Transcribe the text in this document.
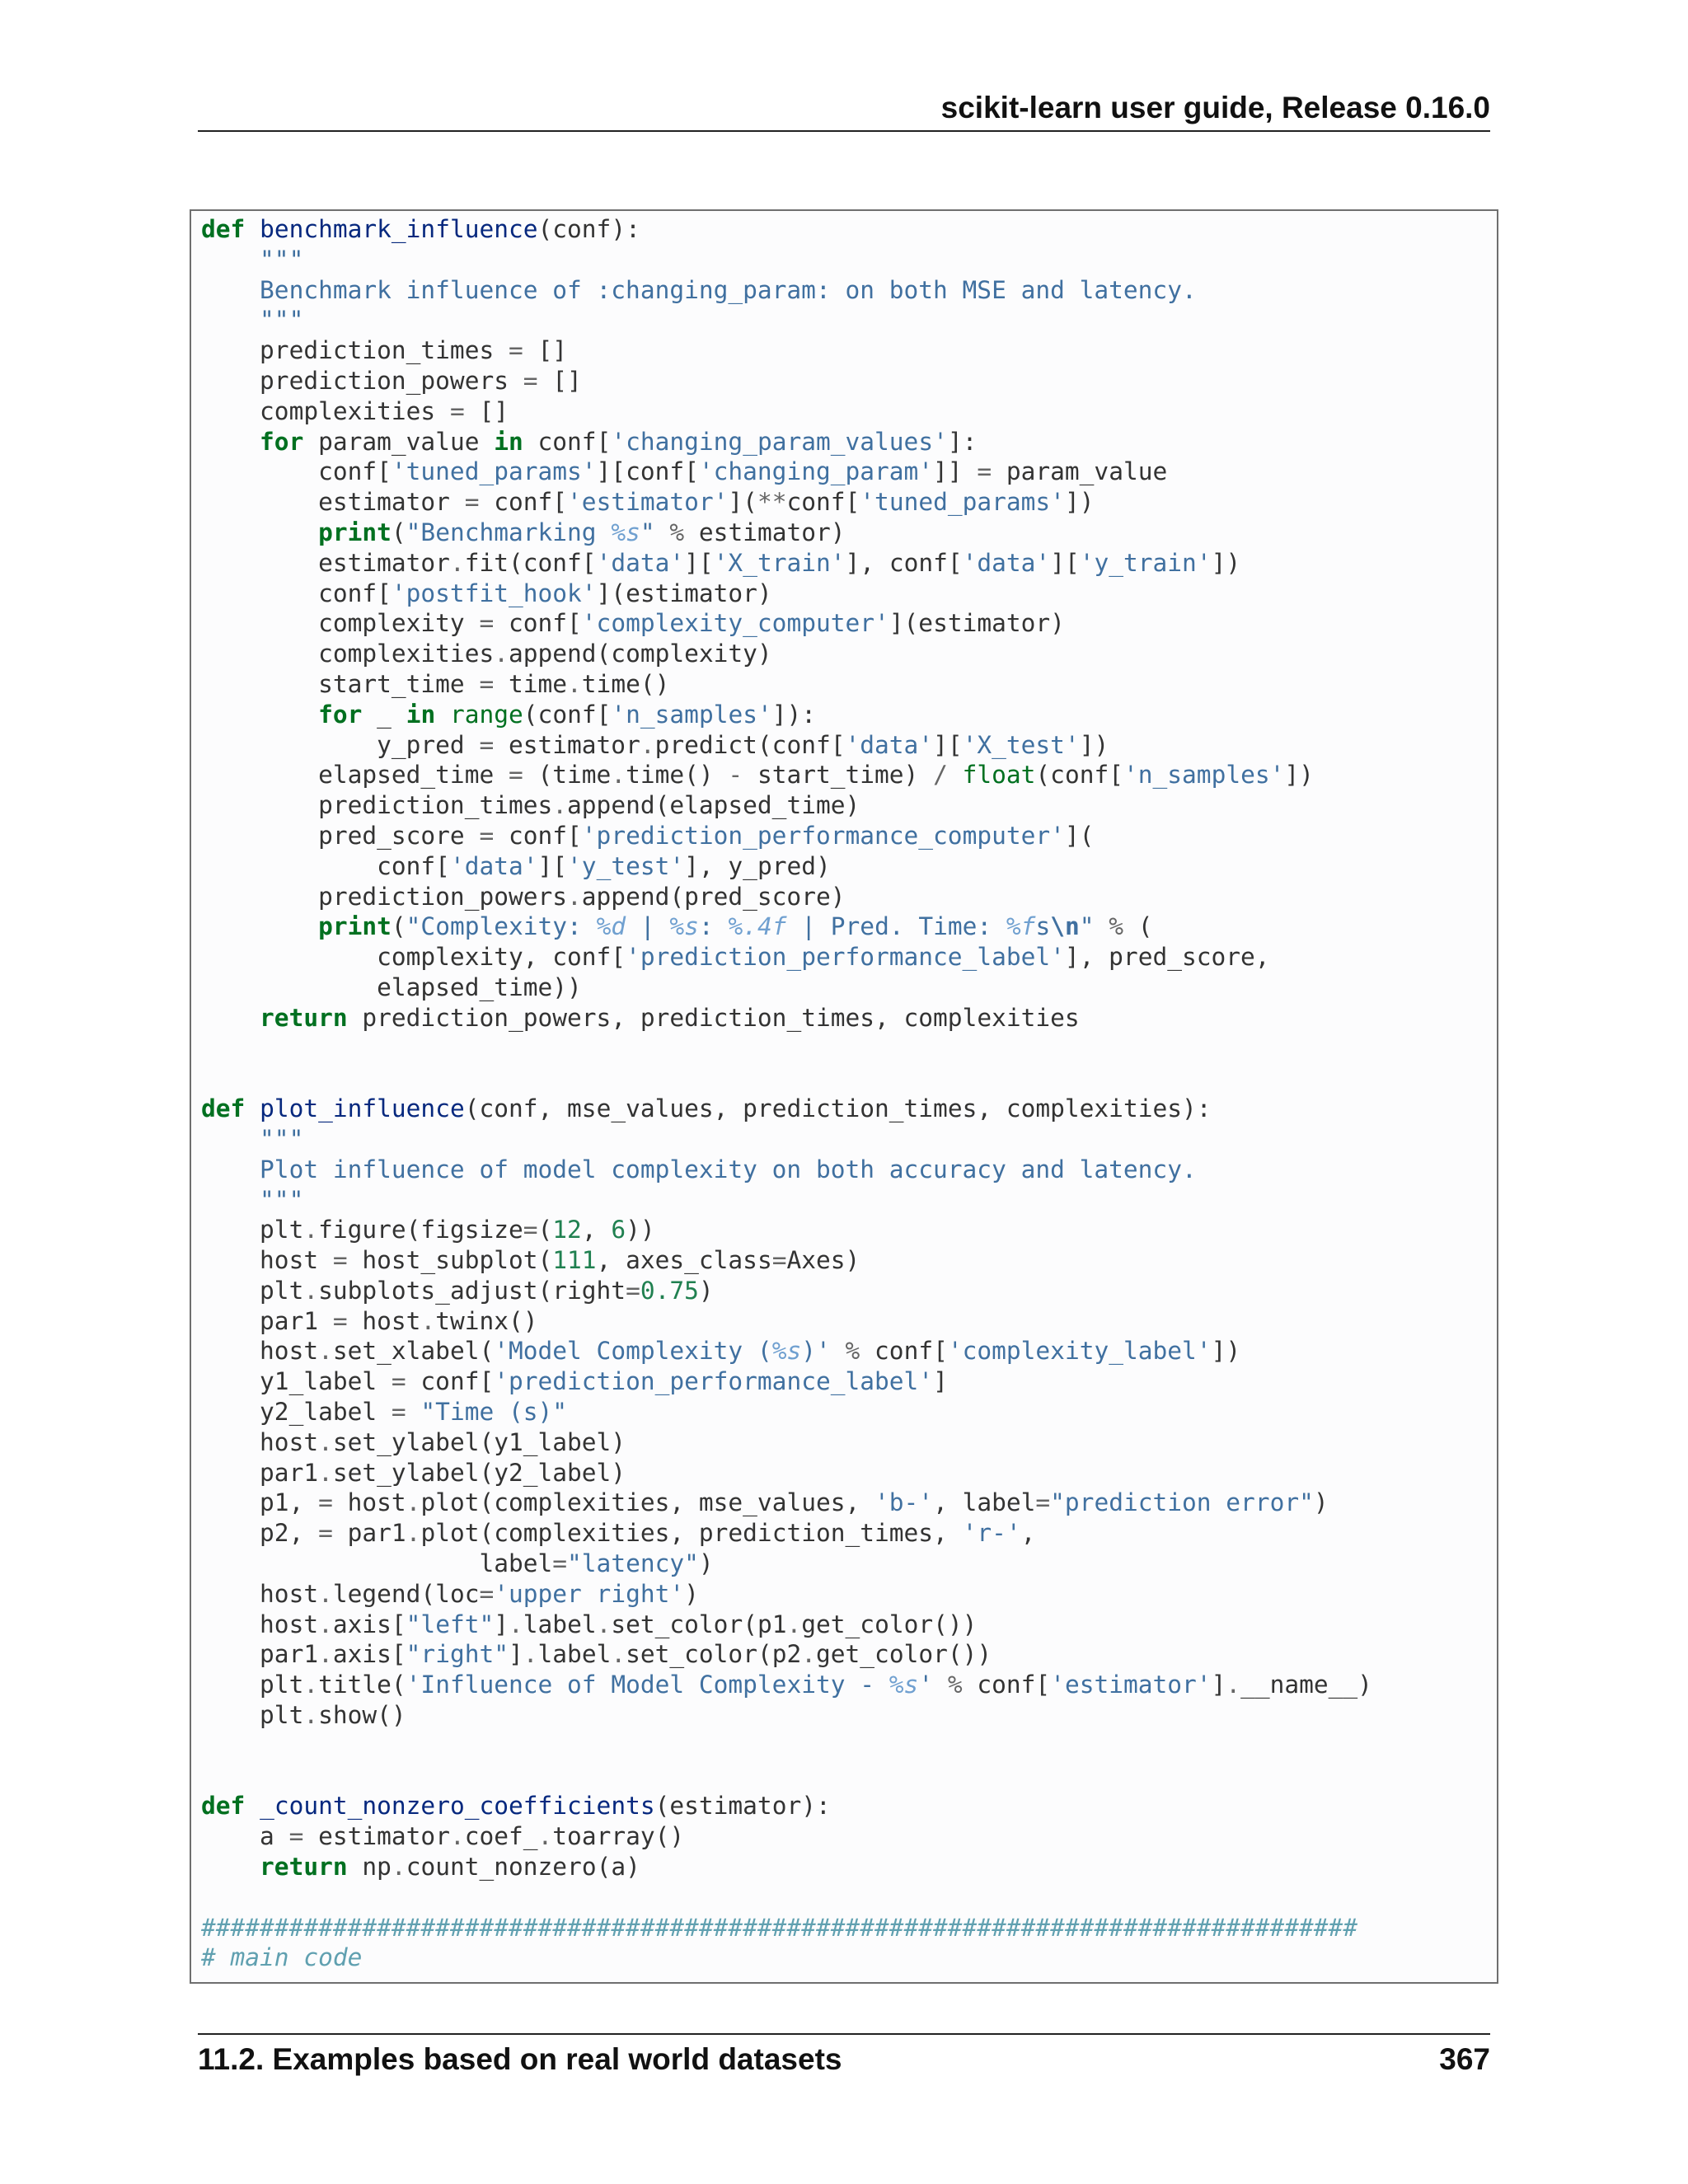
scikit-learn user guide, Release 0.16.0
def benchmark_influence(conf):
"""
Benchmark influence of :changing_param: on both MSE and latency.
"""
prediction_times = []
prediction_powers = []
complexities = []
for param_value in conf['changing_param_values']:
conf['tuned_params'][conf['changing_param']] = param_value
estimator = conf['estimator'](**conf['tuned_params'])
print("Benchmarking %s" % estimator)
estimator.fit(conf['data']['X_train'], conf['data']['y_train'])
conf['postfit_hook'](estimator)
complexity = conf['complexity_computer'](estimator)
complexities.append(complexity)
start_time = time.time()
for _ in range(conf['n_samples']):
y_pred = estimator.predict(conf['data']['X_test'])
elapsed_time = (time.time() - start_time) / float(conf['n_samples'])
prediction_times.append(elapsed_time)
pred_score = conf['prediction_performance_computer'](
conf['data']['y_test'], y_pred)
prediction_powers.append(pred_score)
print("Complexity: %d | %s: %.4f | Pred. Time: %fs\n" % (
complexity, conf['prediction_performance_label'], pred_score,
elapsed_time))
return prediction_powers, prediction_times, complexities
def plot_influence(conf, mse_values, prediction_times, complexities):
"""
Plot influence of model complexity on both accuracy and latency.
"""
plt.figure(figsize=(12, 6))
host = host_subplot(111, axes_class=Axes)
plt.subplots_adjust(right=0.75)
par1 = host.twinx()
host.set_xlabel('Model Complexity (%s)' % conf['complexity_label'])
y1_label = conf['prediction_performance_label']
y2_label = "Time (s)"
host.set_ylabel(y1_label)
par1.set_ylabel(y2_label)
p1, = host.plot(complexities, mse_values, 'b-', label="prediction error")
p2, = par1.plot(complexities, prediction_times, 'r-',
label="latency")
host.legend(loc='upper right')
host.axis["left"].label.set_color(p1.get_color())
par1.axis["right"].label.set_color(p2.get_color())
plt.title('Influence of Model Complexity - %s' % conf['estimator'].__name__)
plt.show()
def _count_nonzero_coefficients(estimator):
a = estimator.coef_.toarray()
return np.count_nonzero(a)
###############################################################################
# main code
11.2. Examples based on real world datasets	367
